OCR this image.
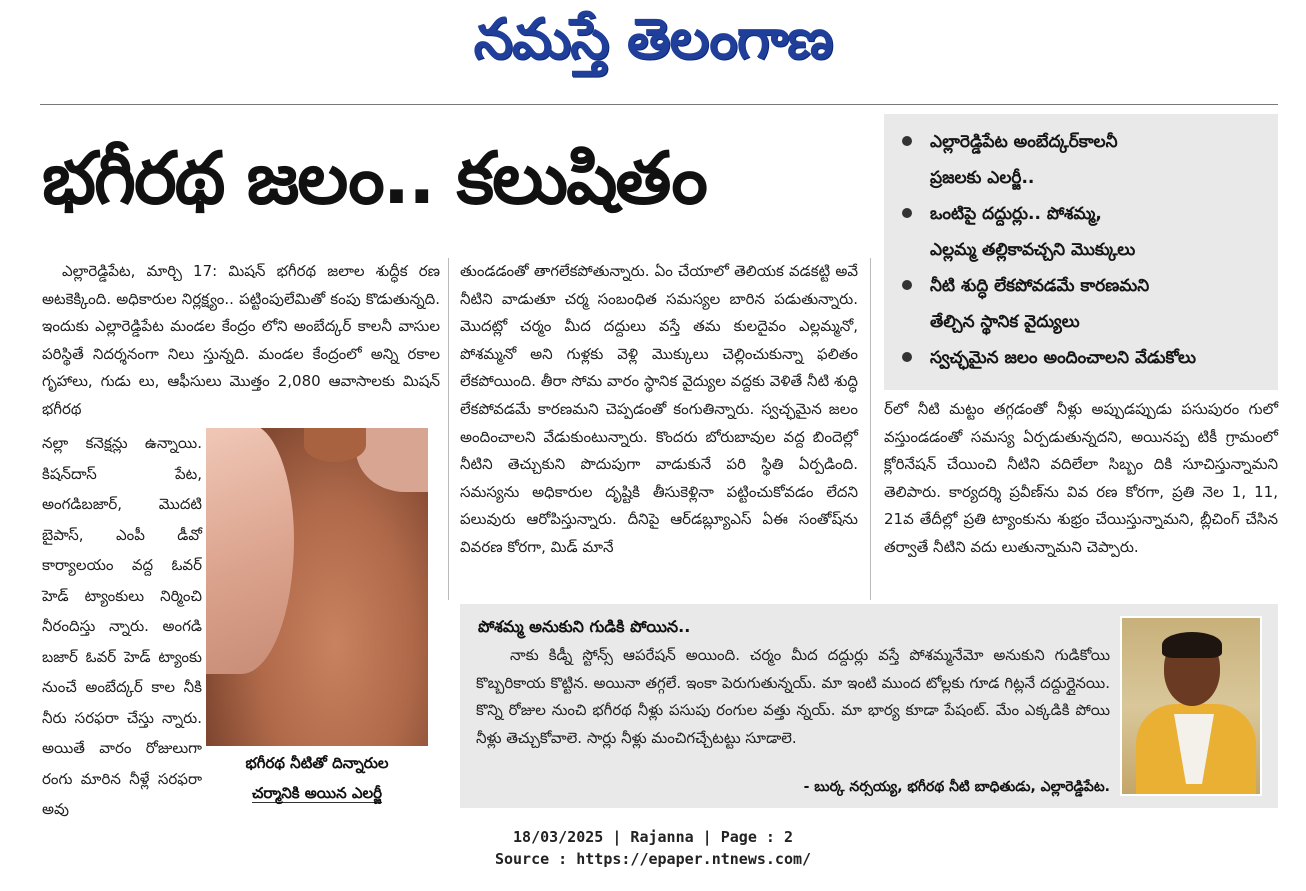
నమస్తే తెలంగాణ
భగీరథ జలం.. కలుషితం	ఎల్లారెడ్డిపేట అంబేద్కర్‌కాలనీ
ప్రజలకు ఎలర్జీ..
ఒంటిపై దద్దుర్లు.. పోశమ్మ,
ఎల్లమ్మ తల్లికావచ్చని మొక్కులు
నీటి శుద్ధి లేకపోవడమే కారణమని
తేల్చిన స్థానిక వైద్యులు
స్వచ్ఛమైన జలం అందించాలని వేడుకోలు

ఎల్లారెడ్డిపేట, మార్చి 17: మిషన్ భగీరథ జలాల శుద్ధీక రణ అటకెక్కింది. అధికారుల నిర్లక్ష్యం.. పట్టింపులేమితో కంపు కొడుతున్నది. ఇందుకు ఎల్లారెడ్డిపేట మండల కేంద్రం లోని అంబేద్కర్ కాలనీ వాసుల పరిస్థితే నిదర్శనంగా నిలు స్తున్నది. మండల కేంద్రంలో అన్ని రకాల గృహాలు, గుడు లు, ఆఫీసులు మొత్తం 2,080 ఆవాసాలకు మిషన్ భగీరథ

నల్లా కనెక్షన్లు ఉన్నాయి. కిషన్‌దాస్ పేట, అంగడిబజార్, మొదటి బైపాస్, ఎంపీ డీవో కార్యాలయం వద్ద ఓవర్ హెడ్ ట్యాంకులు నిర్మించి నీరందిస్తు న్నారు. అంగడి బజార్ ఓవర్ హెడ్ ట్యాంకు నుంచే అంబేద్కర్ కాల నీకి నీరు సరఫరా చేస్తు న్నారు. అయితే వారం రోజులుగా రంగు మారిన నీళ్లే సరఫరా అవు
భగీరథ నీటితో దిన్నారుల
చర్మానికి అయిన ఎలర్జీ
తుండడంతో తాగలేకపోతున్నారు. ఏం చేయాలో తెలియక వడకట్టి అవే నీటిని వాడుతూ చర్మ సంబంధిత సమస్యల బారిన పడుతున్నారు. మొదట్లో చర్మం మీద దద్దులు వస్తే తమ కులదైవం ఎల్లమ్మనో, పోశమ్మనో అని గుళ్లకు వెళ్లి మొక్కులు చెల్లించుకున్నా ఫలితం లేకపోయింది. తీరా సోమ వారం స్థానిక వైద్యుల వద్దకు వెళితే నీటి శుద్ధి లేకపోవడమే కారణమని చెప్పడంతో కంగుతిన్నారు. స్వచ్ఛమైన జలం అందించాలని వేడుకుంటున్నారు. కొందరు బోరుబావుల వద్ద బిందెల్లో నీటిని తెచ్చుకుని పొదుపుగా వాడుకునే పరి స్థితి ఏర్పడింది. సమస్యను అధికారుల దృష్టికి తీసుకెళ్లినా పట్టించుకోవడం లేదని పలువురు ఆరోపిస్తున్నారు. దీనిపై ఆర్‌డబ్ల్యూఎస్ ఏఈ సంతోష్‌ను వివరణ కోరగా, మిడ్ మానే
ర్‌లో నీటి మట్టం తగ్గడంతో నీళ్లు అప్పుడప్పుడు పసుపురం గులో వస్తుండడంతో సమస్య ఏర్పడుతున్నదని, అయినప్ప టికీ గ్రామంలో క్లోరినేషన్ చేయించి నీటిని వదిలేలా సిబ్బం దికి సూచిస్తున్నామని తెలిపారు. కార్యదర్శి ప్రవీణ్‌ను వివ రణ కోరగా, ప్రతి నెల 1, 11, 21వ తేదీల్లో ప్రతి ట్యాంకును శుభ్రం చేయిస్తున్నామని, బ్లీచింగ్ చేసిన తర్వాతే నీటిని వదు లుతున్నామని చెప్పారు.
పోశమ్మ అనుకుని గుడికి పోయిన..
నాకు కిడ్నీ స్టోన్స్ ఆపరేషన్ అయింది. చర్మం మీద దద్దుర్లు వస్తే పోశమ్మనేమో అనుకుని గుడికోయి కొబ్బరికాయ కొట్టిన. అయినా తగ్గలే. ఇంకా పెరుగుతున్నయ్. మా ఇంటి ముంద టోల్లకు గూడ గిట్లనే దద్దుర్లైనయి. కొన్ని రోజుల నుంచి భగీరథ నీళ్లు పసుపు రంగుల వత్తు న్నయ్. మా భార్య కూడా పేషంట్. మేం ఎక్కడికి పోయి నీళ్లు తెచ్చుకోవాలె. సార్లు నీళ్లు మంచిగచ్చేటట్టు సూడాలె.
- బుర్క నర్సయ్య, భగీరథ నీటి బాధితుడు, ఎల్లారెడ్డిపేట.
18/03/2025 | Rajanna | Page : 2
Source : https://epaper.ntnews.com/
